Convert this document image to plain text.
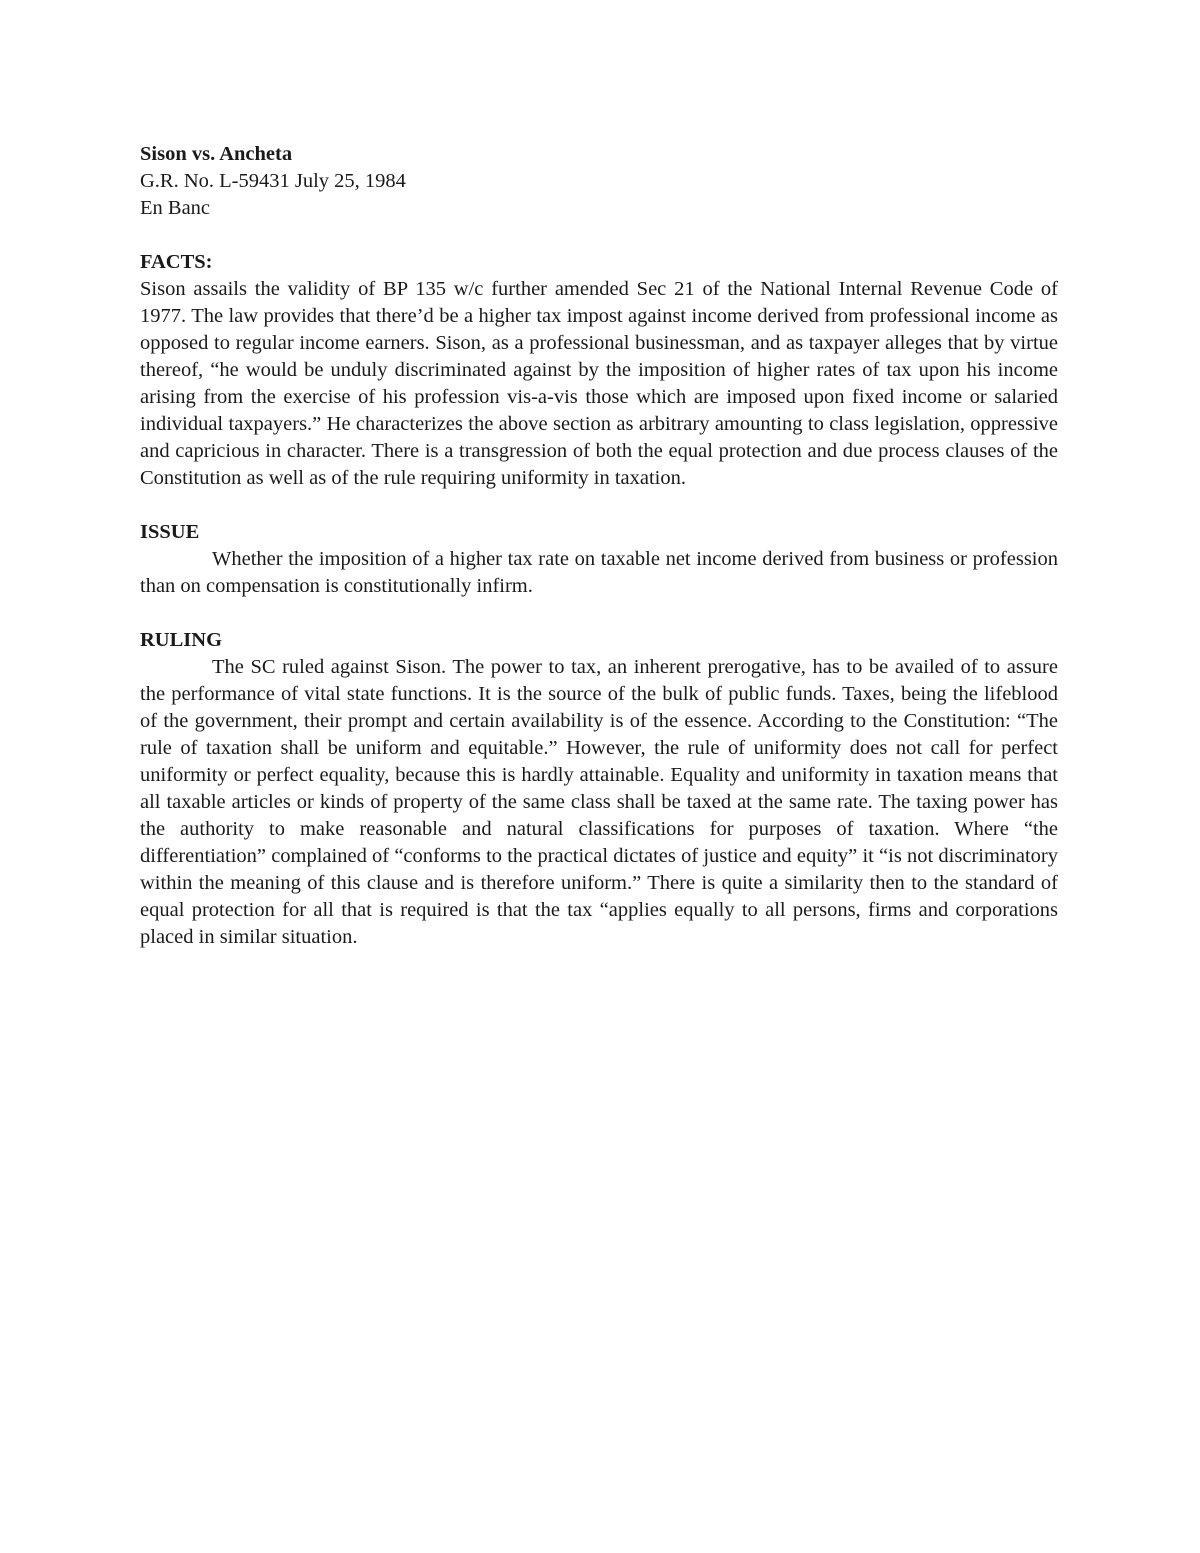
Sison vs. Ancheta

G.R. No. L-59431 July 25, 1984

En Banc

FACTS:

Sison assails the validity of BP 135 w/c further amended Sec 21 of the National Internal Revenue Code of 1977. The law provides that there’d be a higher tax impost against income derived from professional income as opposed to regular income earners. Sison, as a professional businessman, and as taxpayer alleges that by virtue thereof, “he would be unduly discriminated against by the imposition of higher rates of tax upon his income arising from the exercise of his profession vis-a-vis those which are imposed upon fixed income or salaried individual taxpayers.” He characterizes the above section as arbitrary amounting to class legislation, oppressive and capricious in character. There is a transgression of both the equal protection and due process clauses of the Constitution as well as of the rule requiring uniformity in taxation.

ISSUE

Whether the imposition of a higher tax rate on taxable net income derived from business or profession than on compensation is constitutionally infirm.

RULING

The SC ruled against Sison. The power to tax, an inherent prerogative, has to be availed of to assure the performance of vital state functions. It is the source of the bulk of public funds. Taxes, being the lifeblood of the government, their prompt and certain availability is of the essence. According to the Constitution: “The rule of taxation shall be uniform and equitable.” However, the rule of uniformity does not call for perfect uniformity or perfect equality, because this is hardly attainable. Equality and uniformity in taxation means that all taxable articles or kinds of property of the same class shall be taxed at the same rate. The taxing power has the authority to make reasonable and natural classifications for purposes of taxation. Where “the differentiation” complained of “conforms to the practical dictates of justice and equity” it “is not discriminatory within the meaning of this clause and is therefore uniform.” There is quite a similarity then to the standard of equal protection for all that is required is that the tax “applies equally to all persons, firms and corporations placed in similar situation.
